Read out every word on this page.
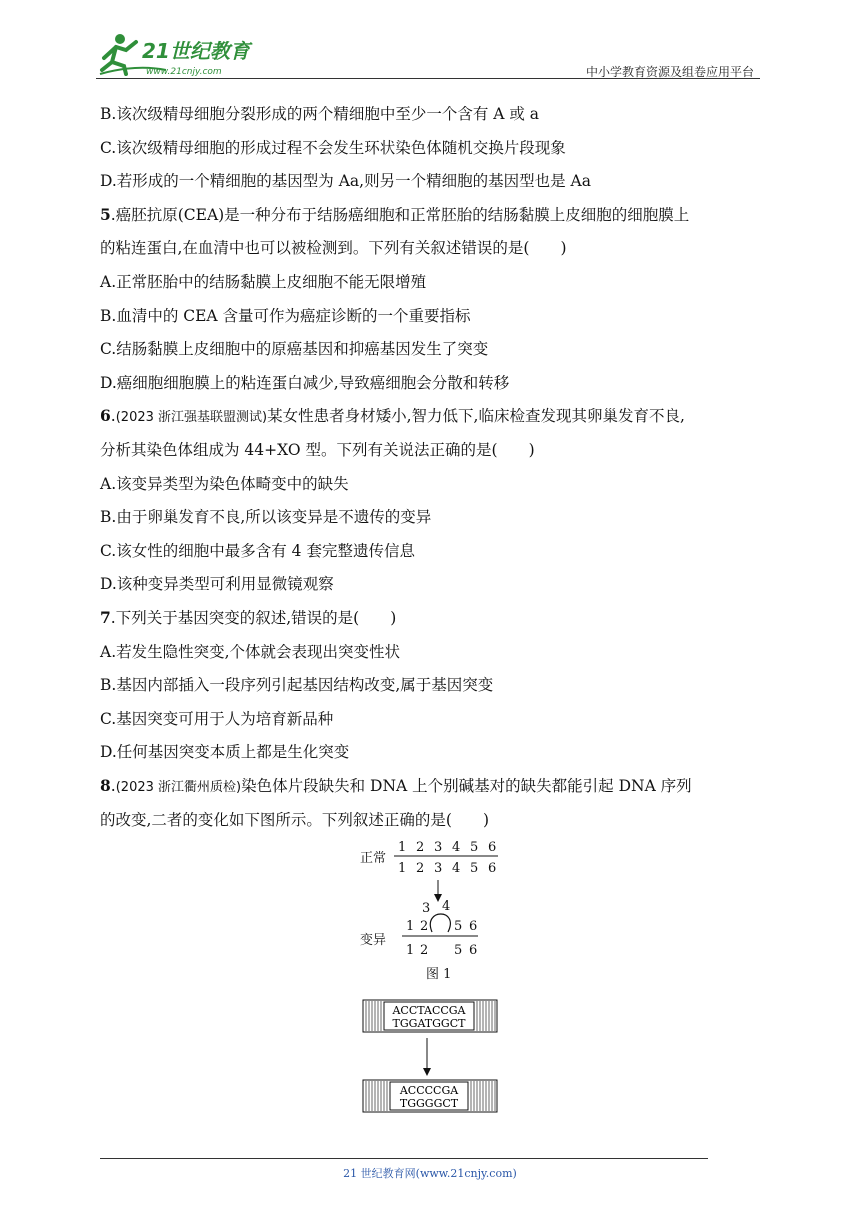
21世纪教育
www.21cnjy.com	中小学教育资源及组卷应用平台
B.该次级精母细胞分裂形成的两个精细胞中至少一个含有 A 或 a
C.该次级精母细胞的形成过程不会发生环状染色体随机交换片段现象
D.若形成的一个精细胞的基因型为 Aa,则另一个精细胞的基因型也是 Aa
5.癌胚抗原(CEA)是一种分布于结肠癌细胞和正常胚胎的结肠黏膜上皮细胞的细胞膜上
的粘连蛋白,在血清中也可以被检测到。下列有关叙述错误的是(　　)
A.正常胚胎中的结肠黏膜上皮细胞不能无限增殖
B.血清中的 CEA 含量可作为癌症诊断的一个重要指标
C.结肠黏膜上皮细胞中的原癌基因和抑癌基因发生了突变
D.癌细胞细胞膜上的粘连蛋白减少,导致癌细胞会分散和转移
6.(2023 浙江强基联盟测试)某女性患者身材矮小,智力低下,临床检查发现其卵巢发育不良,
分析其染色体组成为 44+XO 型。下列有关说法正确的是(　　)
A.该变异类型为染色体畸变中的缺失
B.由于卵巢发育不良,所以该变异是不遗传的变异
C.该女性的细胞中最多含有 4 套完整遗传信息
D.该种变异类型可利用显微镜观察
7.下列关于基因突变的叙述,错误的是(　　)
A.若发生隐性突变,个体就会表现出突变性状
B.基因内部插入一段序列引起基因结构改变,属于基因突变
C.基因突变可用于人为培育新品种
D.任何基因突变本质上都是生化突变
8.(2023 浙江衢州质检)染色体片段缺失和 DNA 上个别碱基对的缺失都能引起 DNA 序列
的改变,二者的变化如下图所示。下列叙述正确的是(　　)
正常
1 2 3 4 5 6
1 2 3 4 5 6
3 4
1 2 5 6
变异
1 2 5 6
图 1
ACCTACCGA
TGGATGGCT
ACCCCGA
TGGGGCT
21 世纪教育网(www.21cnjy.com)
